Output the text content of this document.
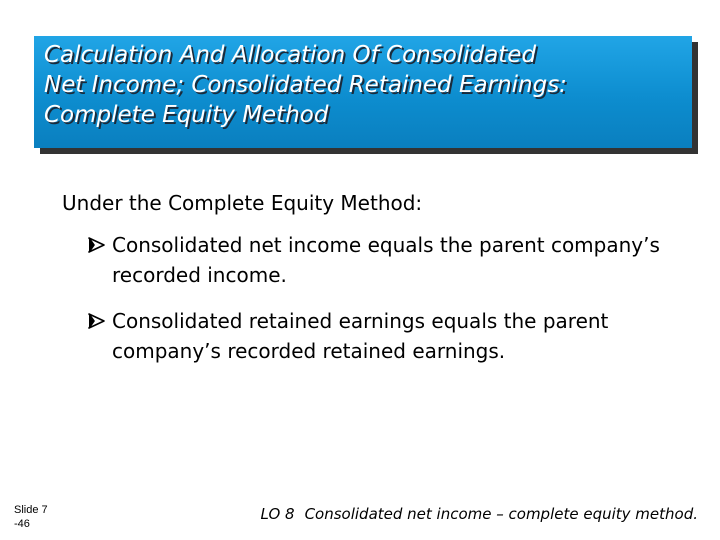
Calculation And Allocation Of Consolidated
Net Income; Consolidated Retained Earnings:
Complete Equity Method
Under the Complete Equity Method:
Consolidated net income equals the parent company’s
recorded income.
Consolidated retained earnings equals the parent
company’s recorded retained earnings.
Slide 7
-46
LO 8 Consolidated net income – complete equity method.
